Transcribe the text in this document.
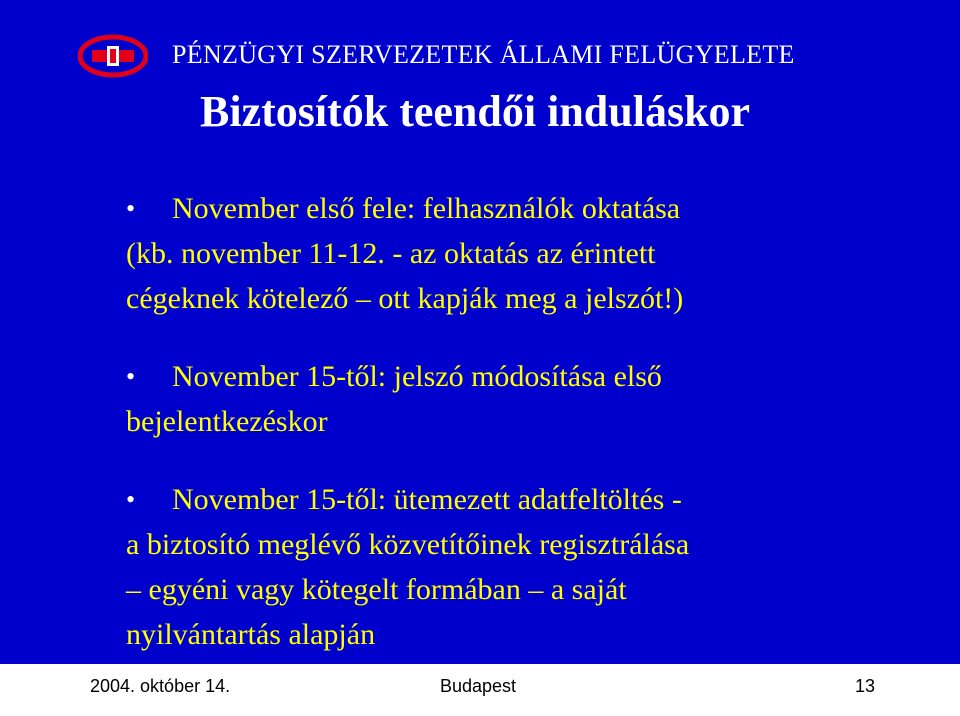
PÉNZÜGYI SZERVEZETEK ÁLLAMI FELÜGYELETE
Biztosítók teendői induláskor
• November első fele: felhasználók oktatása
(kb. november 11-12. - az oktatás az érintett
cégeknek kötelező – ott kapják meg a jelszót!)
• November 15-től: jelszó módosítása első
bejelentkezéskor
• November 15-től: ütemezett adatfeltöltés -
a biztosító meglévő közvetítőinek regisztrálása
– egyéni vagy kötegelt formában – a saját
nyilvántartás alapján
2004. október 14.	Budapest	13
